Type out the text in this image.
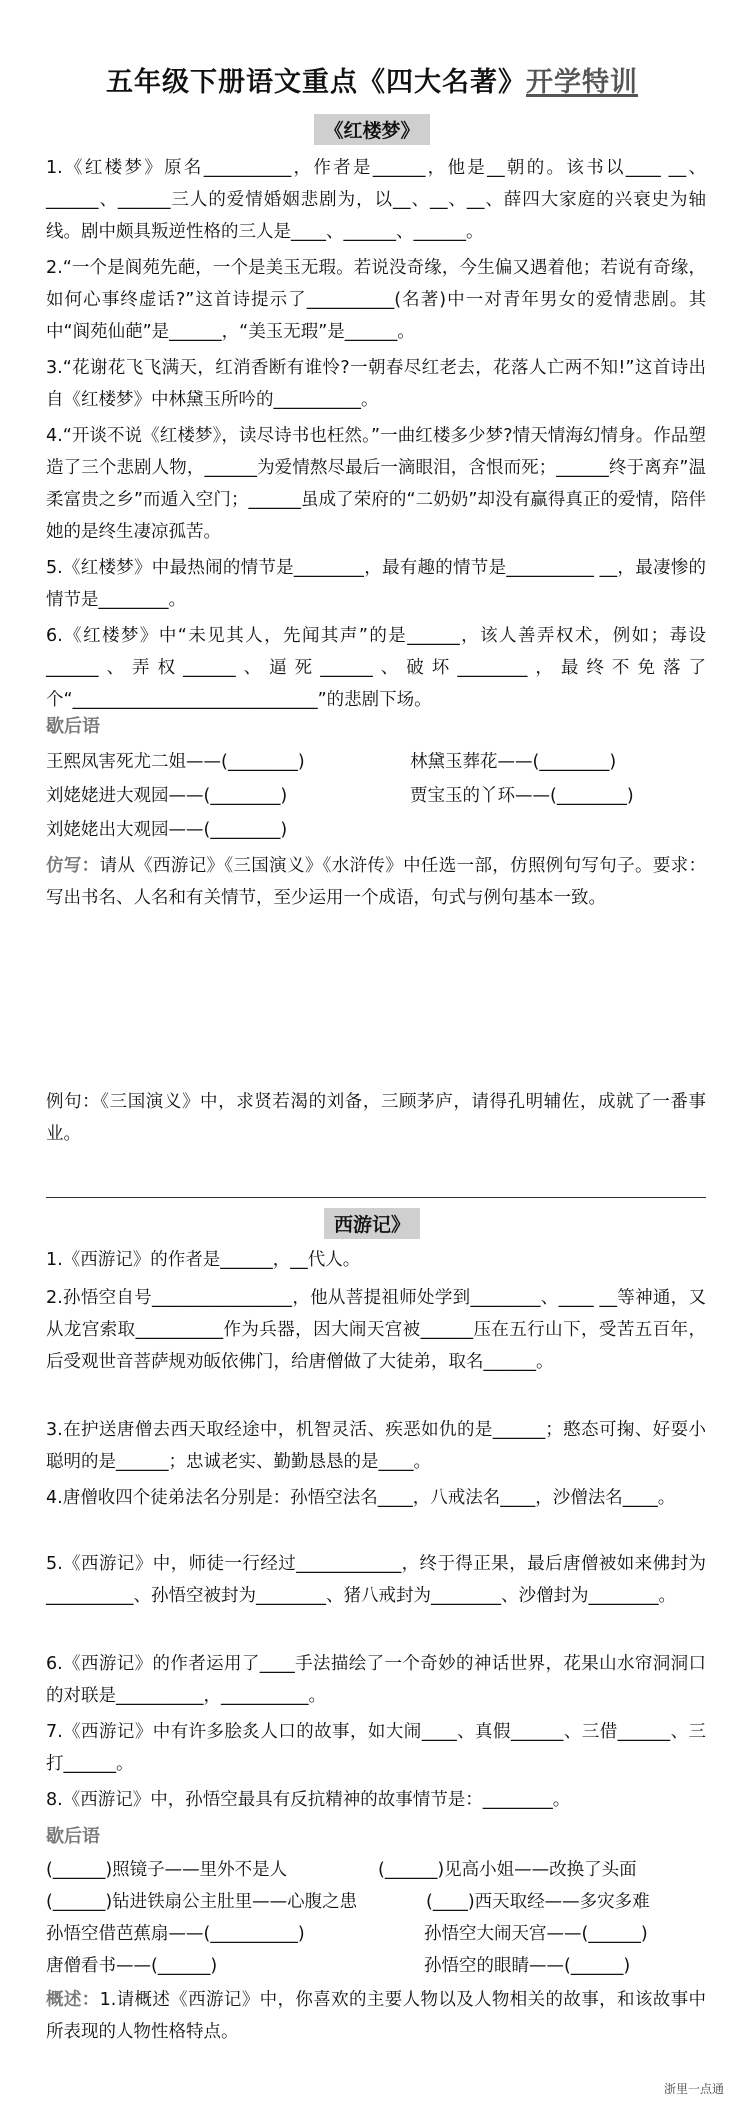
五年级下册语文重点《四大名著》开学特训
《红楼梦》

1.《红楼梦》原名__________，作者是______，他是__朝的。该书以____ __、______、______三人的爱情婚姻悲剧为，以__、__、__、薛四大家庭的兴衰史为轴线。剧中颇具叛逆性格的三人是____、______、______。

2.“一个是阆苑先葩，一个是美玉无瑕。若说没奇缘，今生偏又遇着他；若说有奇缘，如何心事终虚话?”这首诗提示了__________(名著)中一对青年男女的爱情悲剧。其中“阆苑仙葩”是______，“美玉无瑕”是______。

3.“花谢花飞飞满天，红消香断有谁怜?一朝春尽红老去，花落人亡两不知!”这首诗出自《红楼梦》中林黛玉所吟的__________。

4.“开谈不说《红楼梦》，读尽诗书也枉然。”一曲红楼多少梦?情天情海幻情身。作品塑造了三个悲剧人物，______为爱情熬尽最后一滴眼泪，含恨而死；______终于离弃”温柔富贵之乡”而遁入空门；______虽成了荣府的“二奶奶”却没有赢得真正的爱情，陪伴她的是终生凄凉孤苦。

5.《红楼梦》中最热闹的情节是________，最有趣的情节是__________ __，最凄惨的情节是________。

6.《红楼梦》中“未见其人，先闻其声”的是______，该人善弄权术，例如；毒设______、弄权______、逼死______、破坏________，最终不免落了个“____________________________”的悲剧下场。

歇后语
王熙凤害死尤二姐——(________)	林黛玉葬花——(________)
刘姥姥进大观园——(________)	贾宝玉的丫环——(________)
刘姥姥出大观园——(________)

仿写：请从《西游记》《三国演义》《水浒传》中任选一部，仿照例句写句子。要求：写出书名、人名和有关情节，至少运用一个成语，句式与例句基本一致。

例句：《三国演义》中，求贤若渴的刘备，三顾茅庐，请得孔明辅佐，成就了一番事业。

西游记》

1.《西游记》的作者是______，__代人。

2.孙悟空自号________________，他从菩提祖师处学到________、____ __等神通，又从龙宫索取__________作为兵器，因大闹天宫被______压在五行山下，受苦五百年，后受观世音菩萨规劝皈依佛门，给唐僧做了大徒弟，取名______。

3.在护送唐僧去西天取经途中，机智灵活、疾恶如仇的是______；憨态可掬、好耍小聪明的是______；忠诚老实、勤勤恳恳的是____。

4.唐僧收四个徒弟法名分别是：孙悟空法名____，八戒法名____，沙僧法名____。

5.《西游记》中，师徒一行经过____________，终于得正果，最后唐僧被如来佛封为__________、孙悟空被封为________、猪八戒封为________、沙僧封为________。

6.《西游记》的作者运用了____手法描绘了一个奇妙的神话世界，花果山水帘洞洞口的对联是__________，__________。

7.《西游记》中有许多脍炙人口的故事，如大闹____、真假______、三借______、三打______。

8.《西游记》中，孙悟空最具有反抗精神的故事情节是：________。

歇后语
(______)照镜子——里外不是人	(______)见高小姐——改换了头面
(______)钻进铁扇公主肚里——心腹之患	(____)西天取经——多灾多难
孙悟空借芭蕉扇——(__________)	孙悟空大闹天宫——(______)
唐僧看书——(______)	孙悟空的眼睛——(______)

概述：1.请概述《西游记》中，你喜欢的主要人物以及人物相关的故事，和该故事中所表现的人物性格特点。

浙里一点通
